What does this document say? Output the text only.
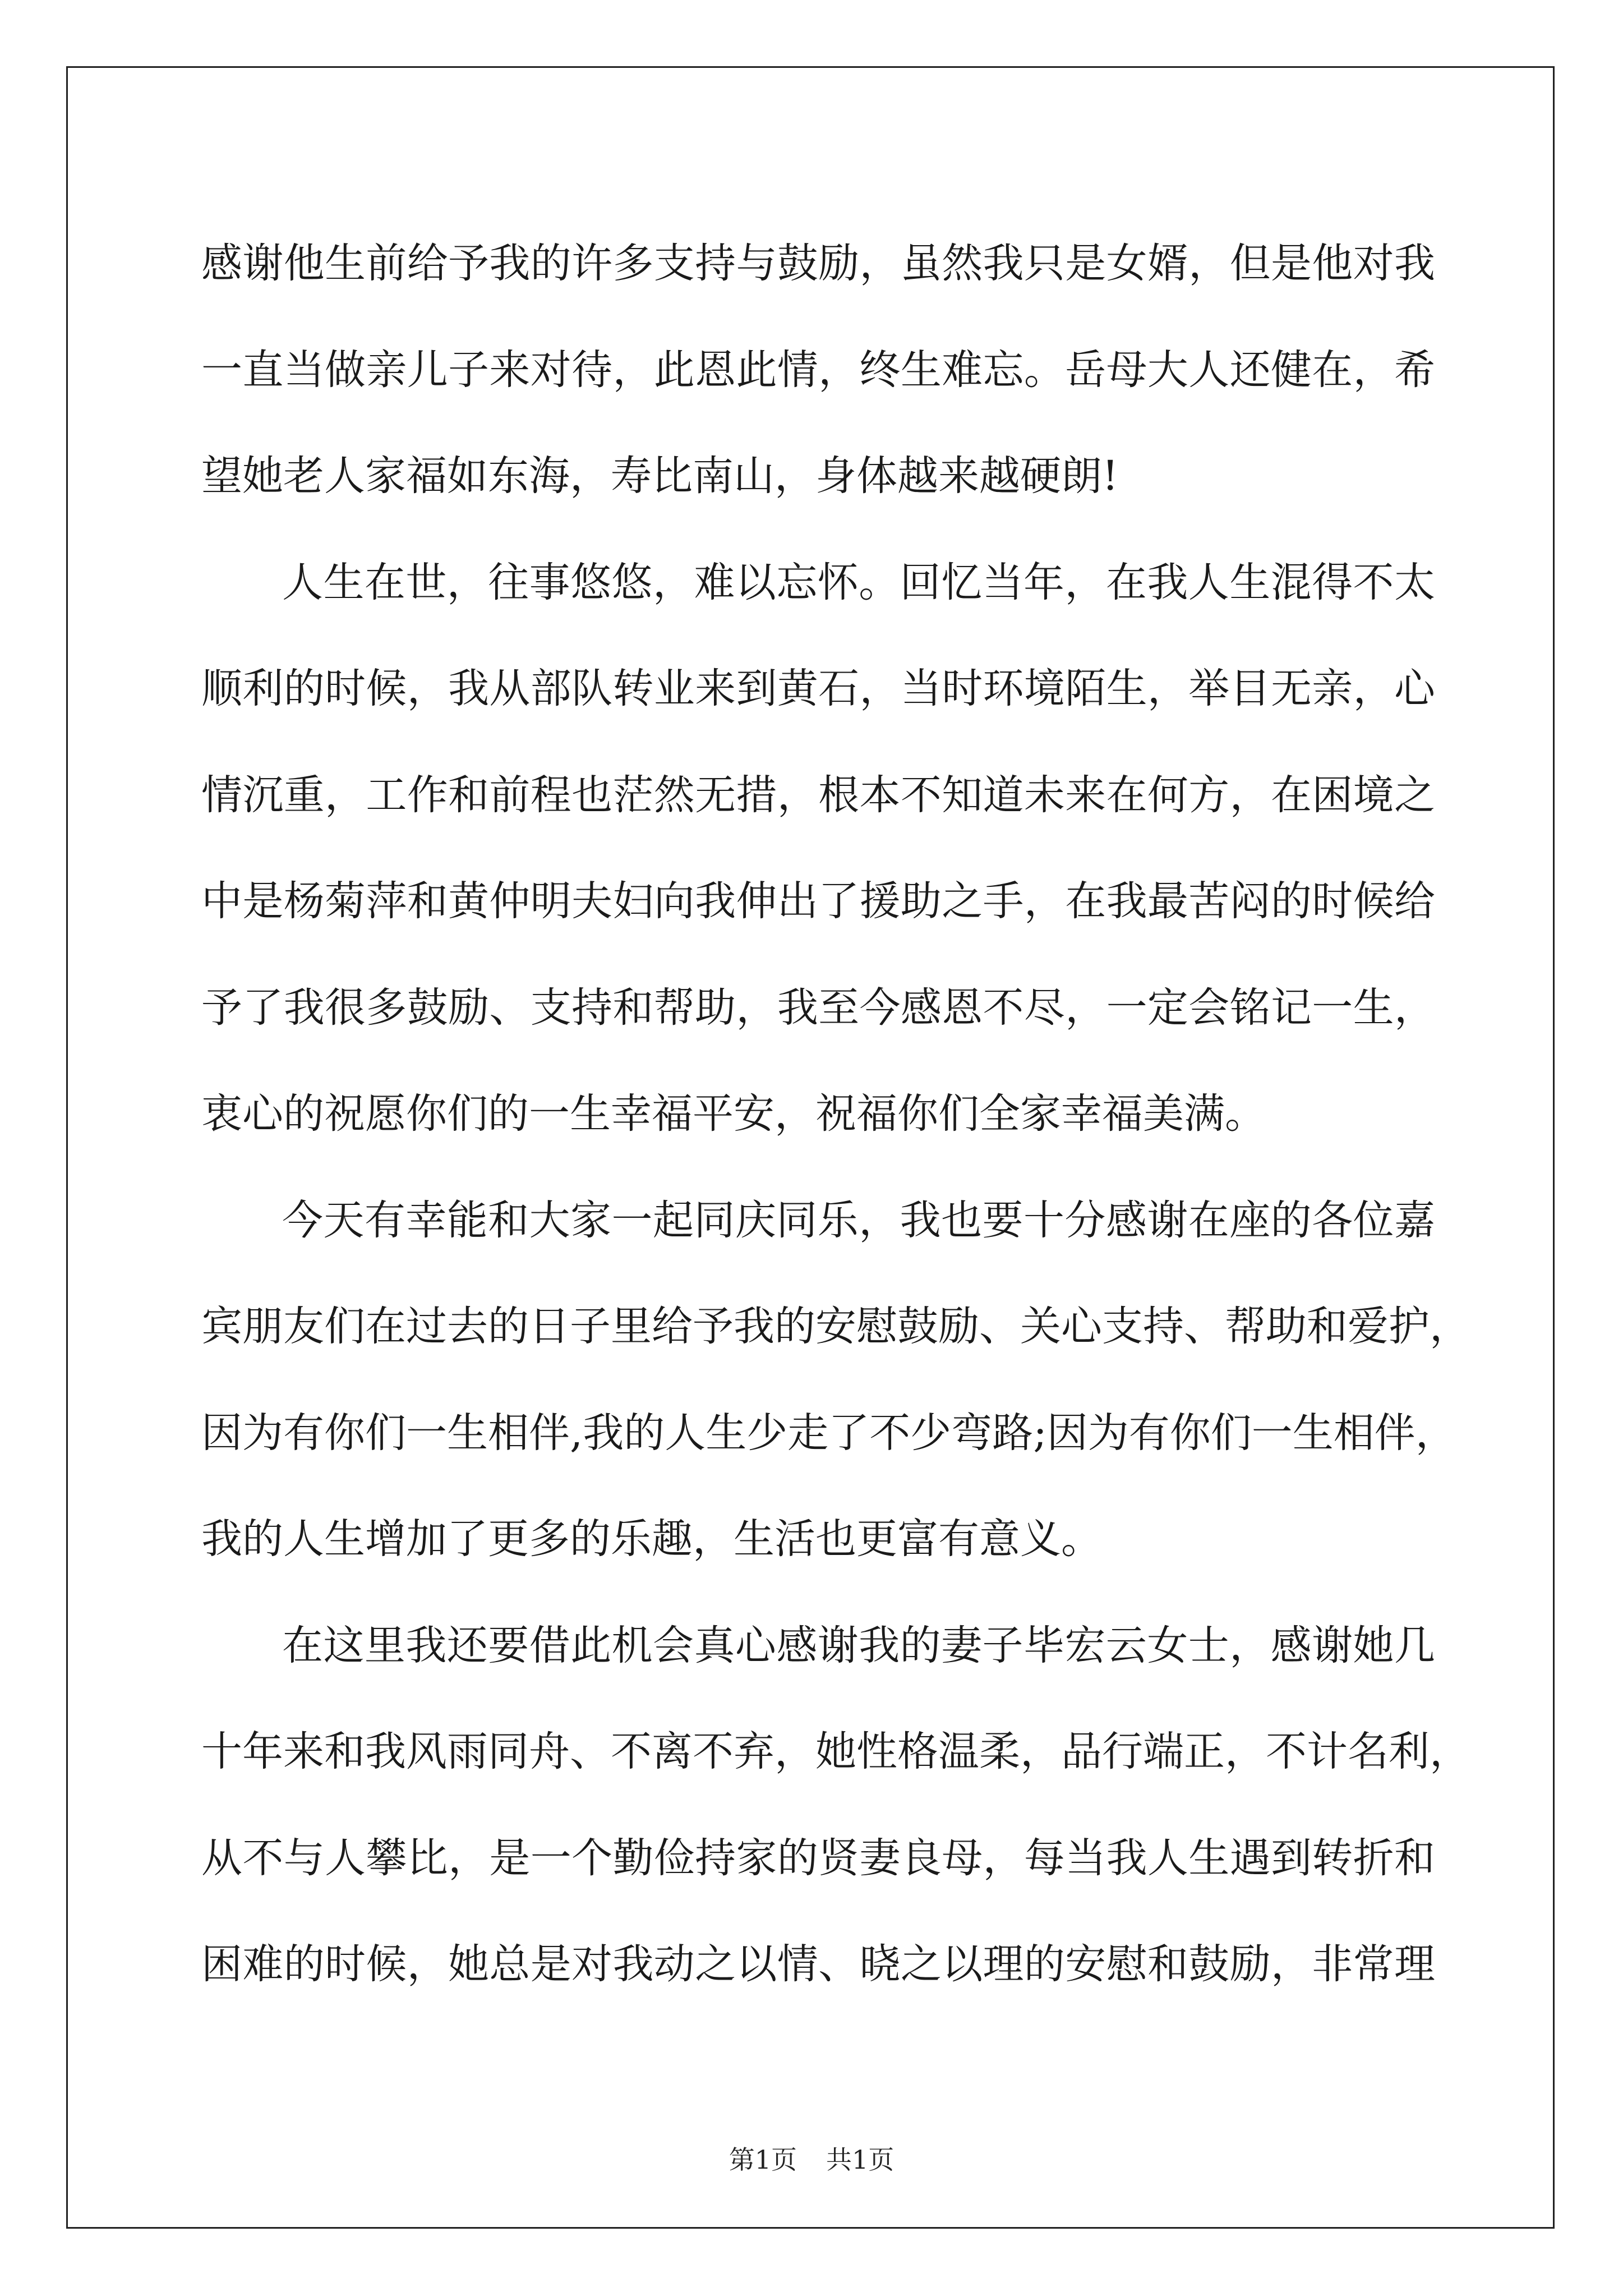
感谢他生前给予我的许多支持与鼓励，虽然我只是女婿，但是他对我
一直当做亲儿子来对待，此恩此情，终生难忘。岳母大人还健在，希
望她老人家福如东海，寿比南山，身体越来越硬朗!
人生在世，往事悠悠，难以忘怀。回忆当年，在我人生混得不太
顺利的时候，我从部队转业来到黄石，当时环境陌生，举目无亲，心
情沉重，工作和前程也茫然无措，根本不知道未来在何方，在困境之
中是杨菊萍和黄仲明夫妇向我伸出了援助之手，在我最苦闷的时候给
予了我很多鼓励、支持和帮助，我至今感恩不尽，一定会铭记一生，
衷心的祝愿你们的一生幸福平安，祝福你们全家幸福美满。
今天有幸能和大家一起同庆同乐，我也要十分感谢在座的各位嘉
宾朋友们在过去的日子里给予我的安慰鼓励、关心支持、帮助和爱护，
因为有你们一生相伴,我的人生少走了不少弯路;因为有你们一生相伴，
我的人生增加了更多的乐趣，生活也更富有意义。
在这里我还要借此机会真心感谢我的妻子毕宏云女士，感谢她几
十年来和我风雨同舟、不离不弃，她性格温柔，品行端正，不计名利，
从不与人攀比，是一个勤俭持家的贤妻良母，每当我人生遇到转折和
困难的时候，她总是对我动之以情、晓之以理的安慰和鼓励，非常理
第1页 共1页
